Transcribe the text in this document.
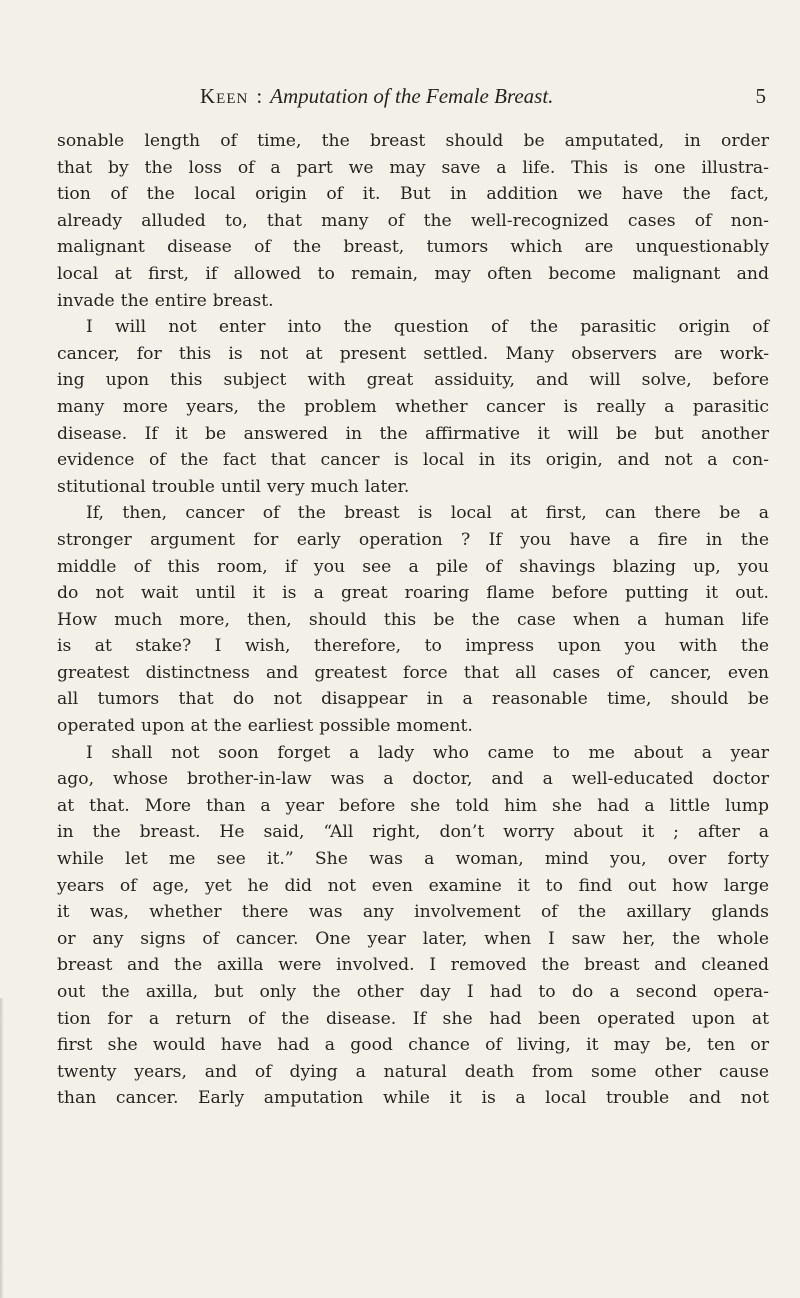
Keen : Amputation of the Female Breast.	5

sonable length of time, the breast should be amputated, in order

that by the loss of a part we may save a life. This is one illustra-

tion of the local origin of it. But in addition we have the fact,

already alluded to, that many of the well-recognized cases of non-

malignant disease of the breast, tumors which are unquestionably

local at first, if allowed to remain, may often become malignant and

invade the entire breast.

I will not enter into the question of the parasitic origin of

cancer, for this is not at present settled. Many observers are work-

ing upon this subject with great assiduity, and will solve, before

many more years, the problem whether cancer is really a parasitic

disease. If it be answered in the affirmative it will be but another

evidence of the fact that cancer is local in its origin, and not a con-

stitutional trouble until very much later.

If, then, cancer of the breast is local at first, can there be a

stronger argument for early operation ? If you have a fire in the

middle of this room, if you see a pile of shavings blazing up, you

do not wait until it is a great roaring flame before putting it out.

How much more, then, should this be the case when a human life

is at stake? I wish, therefore, to impress upon you with the

greatest distinctness and greatest force that all cases of cancer, even

all tumors that do not disappear in a reasonable time, should be

operated upon at the earliest possible moment.

I shall not soon forget a lady who came to me about a year

ago, whose brother-in-law was a doctor, and a well-educated doctor

at that. More than a year before she told him she had a little lump

in the breast. He said, “All right, don’t worry about it ; after a

while let me see it.” She was a woman, mind you, over forty

years of age, yet he did not even examine it to find out how large

it was, whether there was any involvement of the axillary glands

or any signs of cancer. One year later, when I saw her, the whole

breast and the axilla were involved. I removed the breast and cleaned

out the axilla, but only the other day I had to do a second opera-

tion for a return of the disease. If she had been operated upon at

first she would have had a good chance of living, it may be, ten or

twenty years, and of dying a natural death from some other cause

than cancer. Early amputation while it is a local trouble and not
